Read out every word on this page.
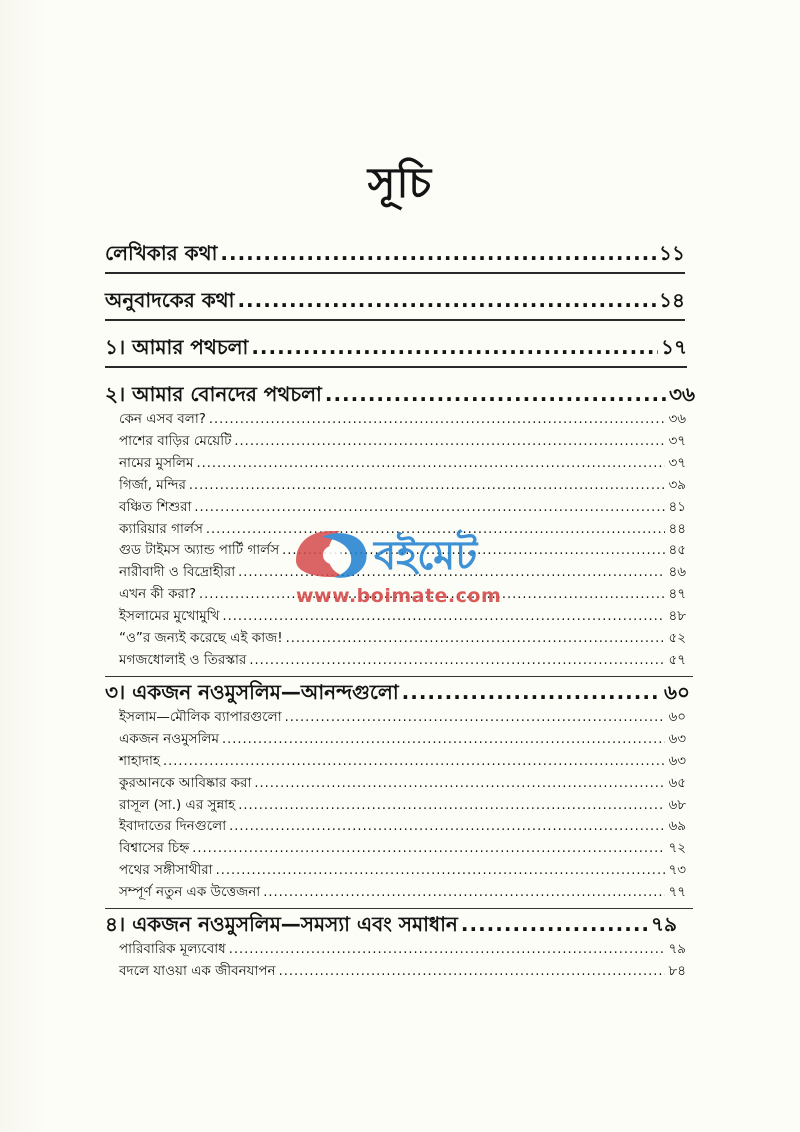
সূচি
লেখিকার কথা .....	১১
অনুবাদকের কথা .....	১৪
১। আমার পথচলা .....	১৭
২। আমার বোনদের পথচলা .....	৩৬
কেন এসব বলা? .....	৩৬
পাশের বাড়ির মেয়েটি .....	৩৭
নামের মুসলিম .....	৩৭
গির্জা, মন্দির .....	৩৯
বঞ্চিত শিশুরা .....	৪১
ক্যারিয়ার গার্লস .....	৪৪
গুড টাইমস অ্যান্ড পার্টি গার্লস .....	৪৫
নারীবাদী ও বিদ্রোহীরা .....	৪৬
এখন কী করা? .....	৪৭
ইসলামের মুখোমুখি .....	৪৮
“ও”র জন্যই করেছে এই কাজ! .....	৫২
মগজধোলাই ও তিরস্কার .....	৫৭
৩। একজন নওমুসলিম—আনন্দগুলো .....	৬০
ইসলাম—মৌলিক ব্যাপারগুলো .....	৬০
একজন নওমুসলিম .....	৬৩
শাহাদাহ .....	৬৩
কুরআনকে আবিষ্কার করা .....	৬৫
রাসূল (সা.) এর সুন্নাহ .....	৬৮
ইবাদাতের দিনগুলো .....	৬৯
বিশ্বাসের চিহ্ন .....	৭২
পথের সঙ্গীসাথীরা .....	৭৩
সম্পূর্ণ নতুন এক উত্তেজনা .....	৭৭
৪। একজন নওমুসলিম—সমস্যা এবং সমাধান .....	৭৯
পারিবারিক মূল্যবোধ .....	৭৯
বদলে যাওয়া এক জীবনযাপন .....	৮৪
বইমেট
www.boimate.com
